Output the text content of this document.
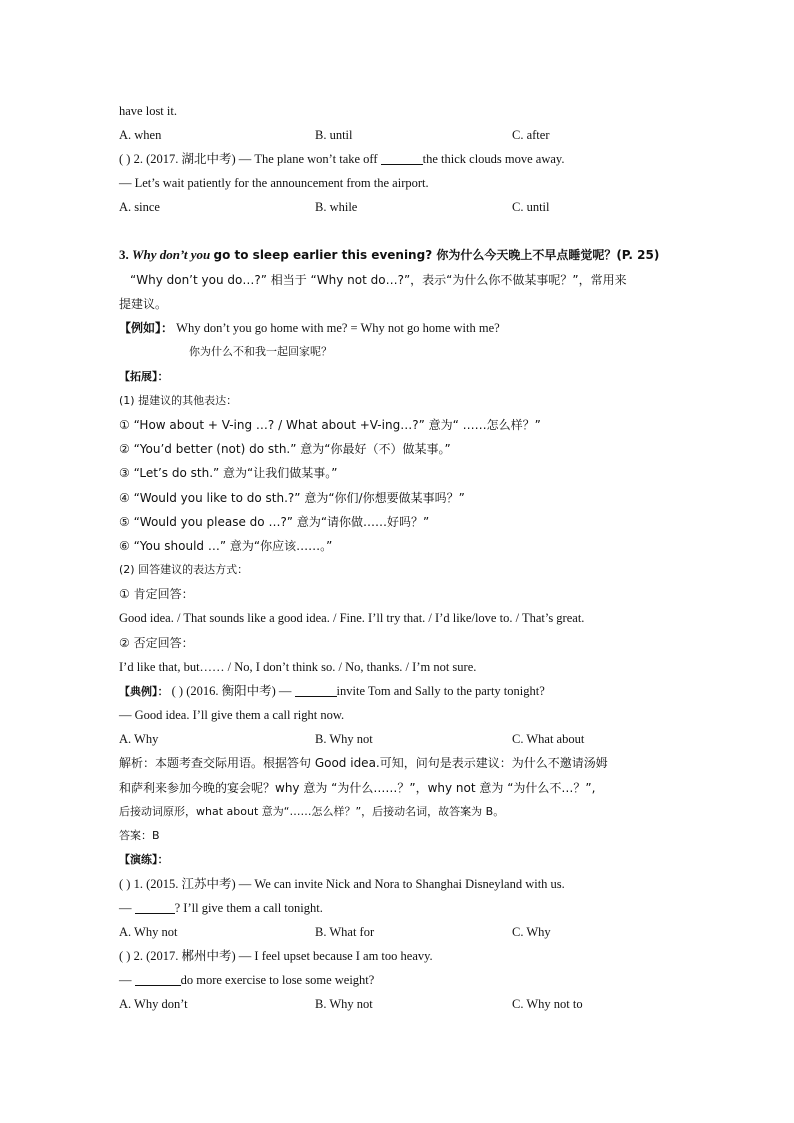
have lost it.
A. when	B. until	C. after
( ) 2. (2017. 湖北中考) — The plane won’t take off	the thick clouds move away.
— Let’s wait patiently for the announcement from the airport.
A. since	B. while	C. until
3. Why don’t you go to sleep earlier this evening? 你为什么今天晚上不早点睡觉呢？(P. 25)
“Why don’t you do…?” 相当于 “Why not do…?”，表示“为什么你不做某事呢？”，常用来
提建议。
【例如】： Why don’t you go home with me? = Why not go home with me?
你为什么不和我一起回家呢？
【拓展】：
(1) 提建议的其他表达：
① “How about + V-ing …? / What about +V-ing…?” 意为“ ……怎么样？”
② “You’d better (not) do sth.” 意为“你最好（不）做某事。”
③ “Let’s do sth.” 意为“让我们做某事。”
④ “Would you like to do sth.?” 意为“你们/你想要做某事吗？”
⑤ “Would you please do …?” 意为“请你做……好吗？”
⑥ “You should …” 意为“你应该……。”
(2) 回答建议的表达方式：
① 肯定回答：
Good idea. / That sounds like a good idea. / Fine. I’ll try that. / I’d like/love to. / That’s great.
② 否定回答：
I’d like that, but…… / No, I don’t think so. / No, thanks. / I’m not sure.
【典例】： ( ) (2016. 衡阳中考) —	invite Tom and Sally to the party tonight?
— Good idea. I’ll give them a call right now.
A. Why	B. Why not	C. What about
解析：本题考查交际用语。根据答句 Good idea.可知，问句是表示建议：为什么不邀请汤姆
和萨利来参加今晚的宴会呢？why 意为 “为什么……？”，why not 意为 “为什么不…？”,
后接动词原形，what about 意为“……怎么样？”，后接动名词，故答案为 B。
答案：B
【演练】：
( ) 1. (2015. 江苏中考) — We can invite Nick and Nora to Shanghai Disneyland with us.
—	? I’ll give them a call tonight.
A. Why not	B. What for	C. Why
( ) 2. (2017. 郴州中考) — I feel upset because I am too heavy.
—	do more exercise to lose some weight?
A. Why don’t	B. Why not	C. Why not to
